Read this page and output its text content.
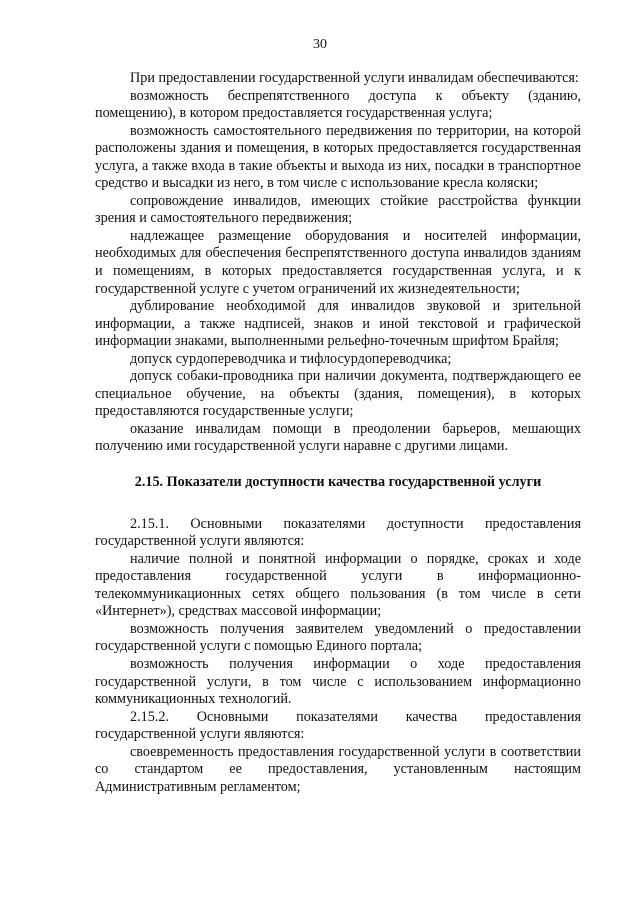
30

При предоставлении государственной услуги инвалидам обеспечиваются:

возможность беспрепятственного доступа к объекту (зданию, помещению), в котором предоставляется государственная услуга;

возможность самостоятельного передвижения по территории, на которой расположены здания и помещения, в которых предоставляется государственная услуга, а также входа в такие объекты и выхода из них, посадки в транспортное средство и высадки из него, в том числе с использование кресла коляски;

сопровождение инвалидов, имеющих стойкие расстройства функции зрения и самостоятельного передвижения;

надлежащее размещение оборудования и носителей информации, необходимых для обеспечения беспрепятственного доступа инвалидов зданиям и помещениям, в которых предоставляется государственная услуга, и к государственной услуге с учетом ограничений их жизнедеятельности;

дублирование необходимой для инвалидов звуковой и зрительной информации, а также надписей, знаков и иной текстовой и графической информации знаками, выполненными рельефно-точечным шрифтом Брайля;

допуск сурдопереводчика и тифлосурдопереводчика;

допуск собаки-проводника при наличии документа, подтверждающего ее специальное обучение, на объекты (здания, помещения), в которых предоставляются государственные услуги;

оказание инвалидам помощи в преодолении барьеров, мешающих получению ими государственной услуги наравне с другими лицами.

2.15. Показатели доступности качества государственной услуги

2.15.1. Основными показателями доступности предоставления государственной услуги являются:

наличие полной и понятной информации о порядке, сроках и ходе предоставления государственной услуги в информационно-телекоммуникационных сетях общего пользования (в том числе в сети «Интернет»), средствах массовой информации;

возможность получения заявителем уведомлений о предоставлении государственной услуги с помощью Единого портала;

возможность получения информации о ходе предоставления государственной услуги, в том числе с использованием информационно коммуникационных технологий.

2.15.2. Основными показателями качества предоставления государственной услуги являются:

своевременность предоставления государственной услуги в соответствии со стандартом ее предоставления, установленным настоящим Административным регламентом;
